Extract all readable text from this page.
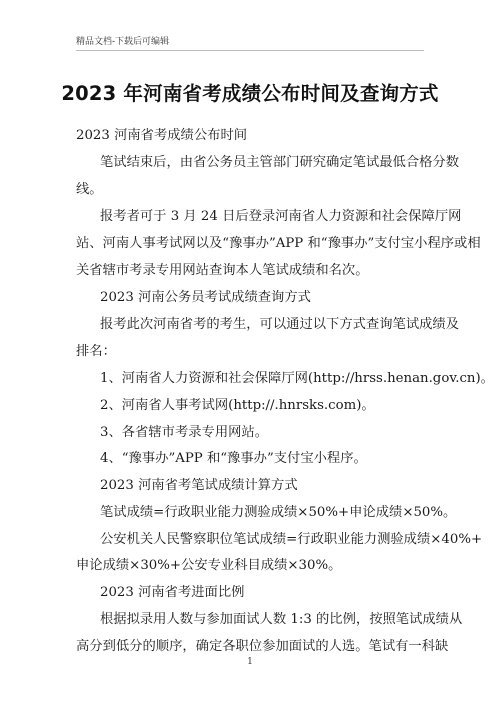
精品文档-下载后可编辑
2023 年河南省考成绩公布时间及查询方式
2023 河南省考成绩公布时间
笔试结束后，由省公务员主管部门研究确定笔试最低合格分数
线。
报考者可于 3 月 24 日后登录河南省人力资源和社会保障厅网
站、河南人事考试网以及“豫事办”APP 和“豫事办”支付宝小程序或相
关省辖市考录专用网站查询本人笔试成绩和名次。
2023 河南公务员考试成绩查询方式
报考此次河南省考的考生，可以通过以下方式查询笔试成绩及
排名：
1、河南省人力资源和社会保障厅网(http://hrss.henan.gov.cn)。
2、河南省人事考试网(http://.hnrsks.com)。
3、各省辖市考录专用网站。
4、“豫事办”APP 和“豫事办”支付宝小程序。
2023 河南省考笔试成绩计算方式
笔试成绩=行政职业能力测验成绩×50%+申论成绩×50%。
公安机关人民警察职位笔试成绩=行政职业能力测验成绩×40%+
申论成绩×30%+公安专业科目成绩×30%。
2023 河南省考进面比例
根据拟录用人数与参加面试人数 1:3 的比例，按照笔试成绩从
高分到低分的顺序，确定各职位参加面试的人选。笔试有一科缺
1
